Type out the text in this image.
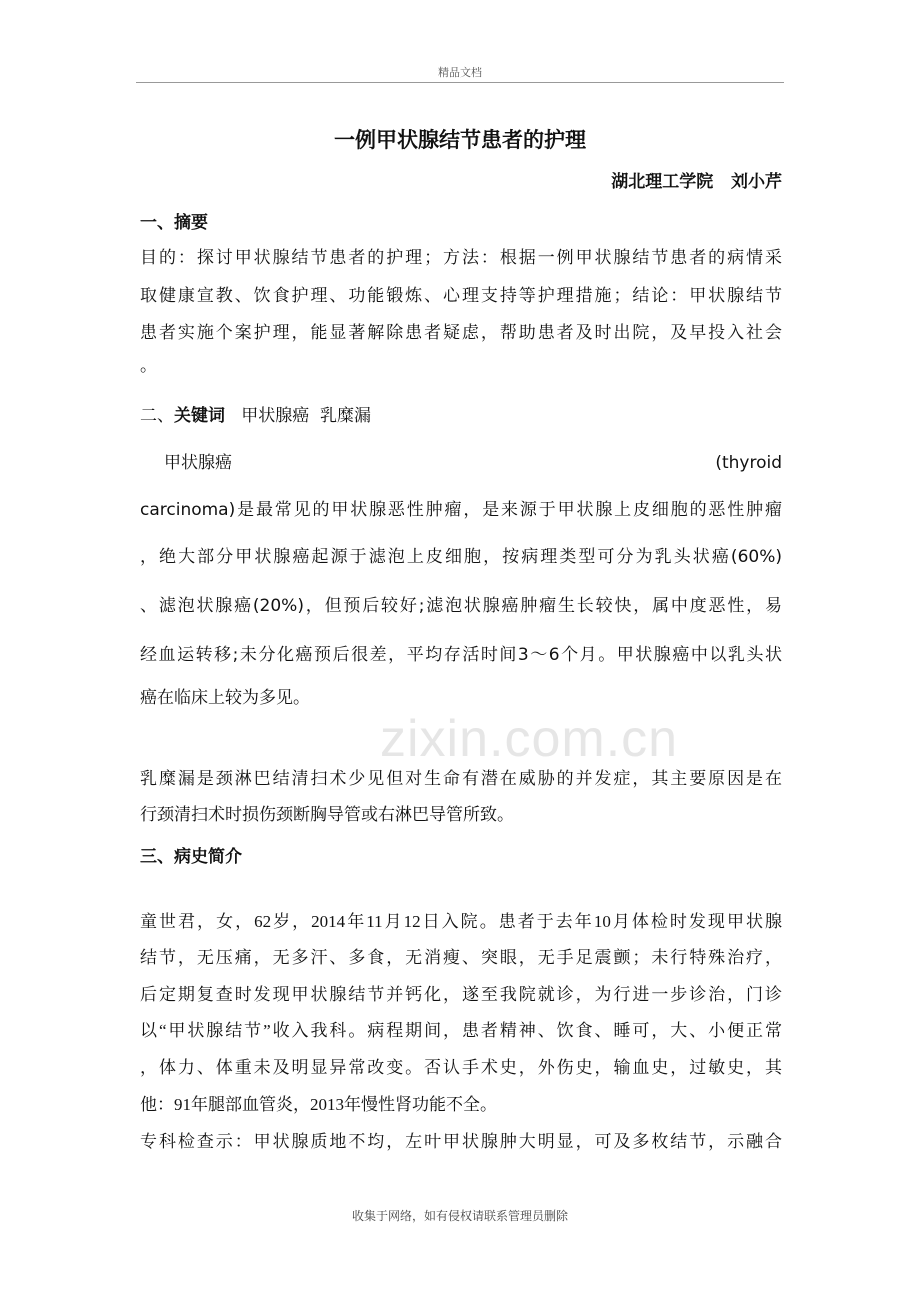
精品文档
一例甲状腺结节患者的护理
湖北理工学院   刘小芹
一、摘要
目的：探讨甲状腺结节患者的护理；方法：根据一例甲状腺结节患者的病情采
取健康宣教、饮食护理、功能锻炼、心理支持等护理措施；结论：甲状腺结节
患者实施个案护理，能显著解除患者疑虑，帮助患者及时出院，及早投入社会
。
二、关键词 甲状腺癌  乳糜漏
甲状腺癌	(thyroid
carcinoma)是最常见的甲状腺恶性肿瘤，是来源于甲状腺上皮细胞的恶性肿瘤
，绝大部分甲状腺癌起源于滤泡上皮细胞，按病理类型可分为乳头状癌(60%)
、滤泡状腺癌(20%)，但预后较好;滤泡状腺癌肿瘤生长较快，属中度恶性，易
经血运转移;未分化癌预后很差，平均存活时间3～6个月。甲状腺癌中以乳头状
癌在临床上较为多见。
zixin.com.cn
乳糜漏是颈淋巴结清扫术少见但对生命有潜在威胁的并发症，其主要原因是在
行颈清扫术时损伤颈断胸导管或右淋巴导管所致。
三、病史简介
童世君，女，62岁，2014年11月12日入院。患者于去年10月体检时发现甲状腺
结节，无压痛，无多汗、多食，无消瘦、突眼，无手足震颤；未行特殊治疗，
后定期复查时发现甲状腺结节并钙化，遂至我院就诊，为行进一步诊治，门诊
以“甲状腺结节”收入我科。病程期间，患者精神、饮食、睡可，大、小便正常
，体力、体重未及明显异常改变。否认手术史，外伤史，输血史，过敏史，其
他：91年腿部血管炎，2013年慢性肾功能不全。
专科检查示：甲状腺质地不均，左叶甲状腺肿大明显，可及多枚结节，示融合
收集于网络，如有侵权请联系管理员删除
